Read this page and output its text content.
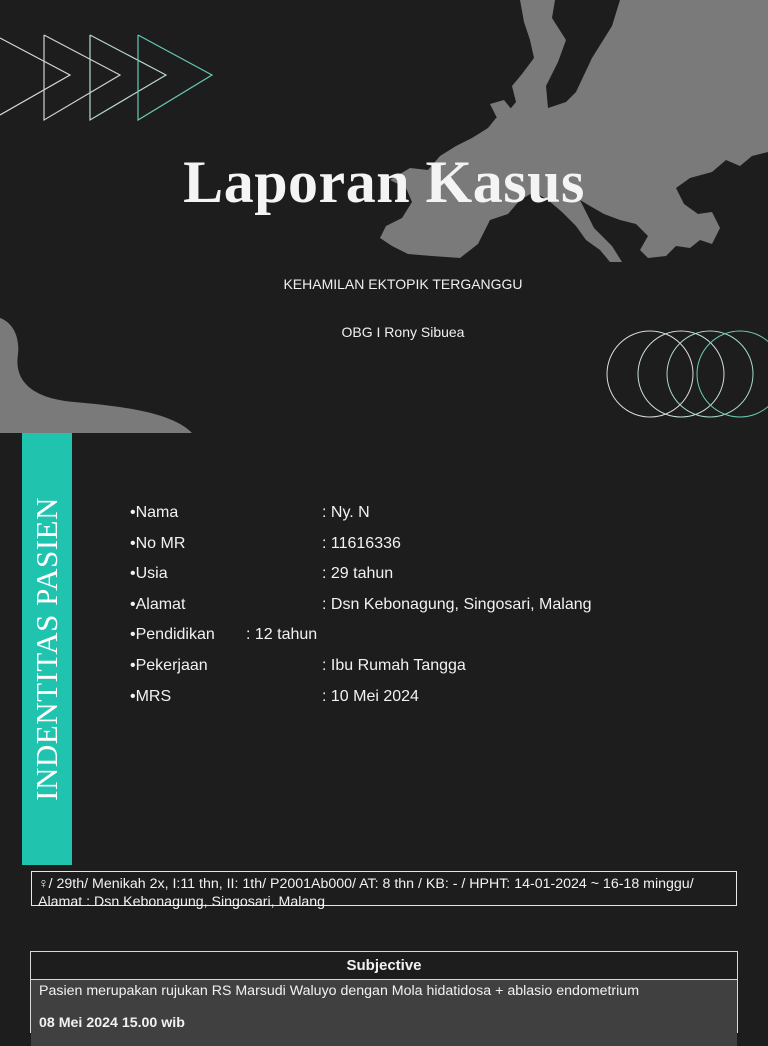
Laporan Kasus
KEHAMILAN EKTOPIK TERGANGGU
OBG I Rony Sibuea
INDENTITAS PASIEN	•Nama	: Ny. N
•No MR	: 11616336
•Usia	: 29 tahun
•Alamat	: Dsn Kebonagung, Singosari, Malang
•Pendidikan : 12 tahun
•Pekerjaan	: Ibu Rumah Tangga
•MRS	: 10 Mei 2024
♀/ 29th/ Menikah 2x, I:11 thn, II: 1th/ P2001Ab000/ AT: 8 thn / KB: - / HPHT: 14-01-2024 ~ 16-18 minggu/ Alamat : Dsn Kebonagung, Singosari, Malang
Subjective
Pasien merupakan rujukan RS Marsudi Waluyo dengan Mola hidatidosa + ablasio endometrium
08 Mei 2024 15.00 wib
